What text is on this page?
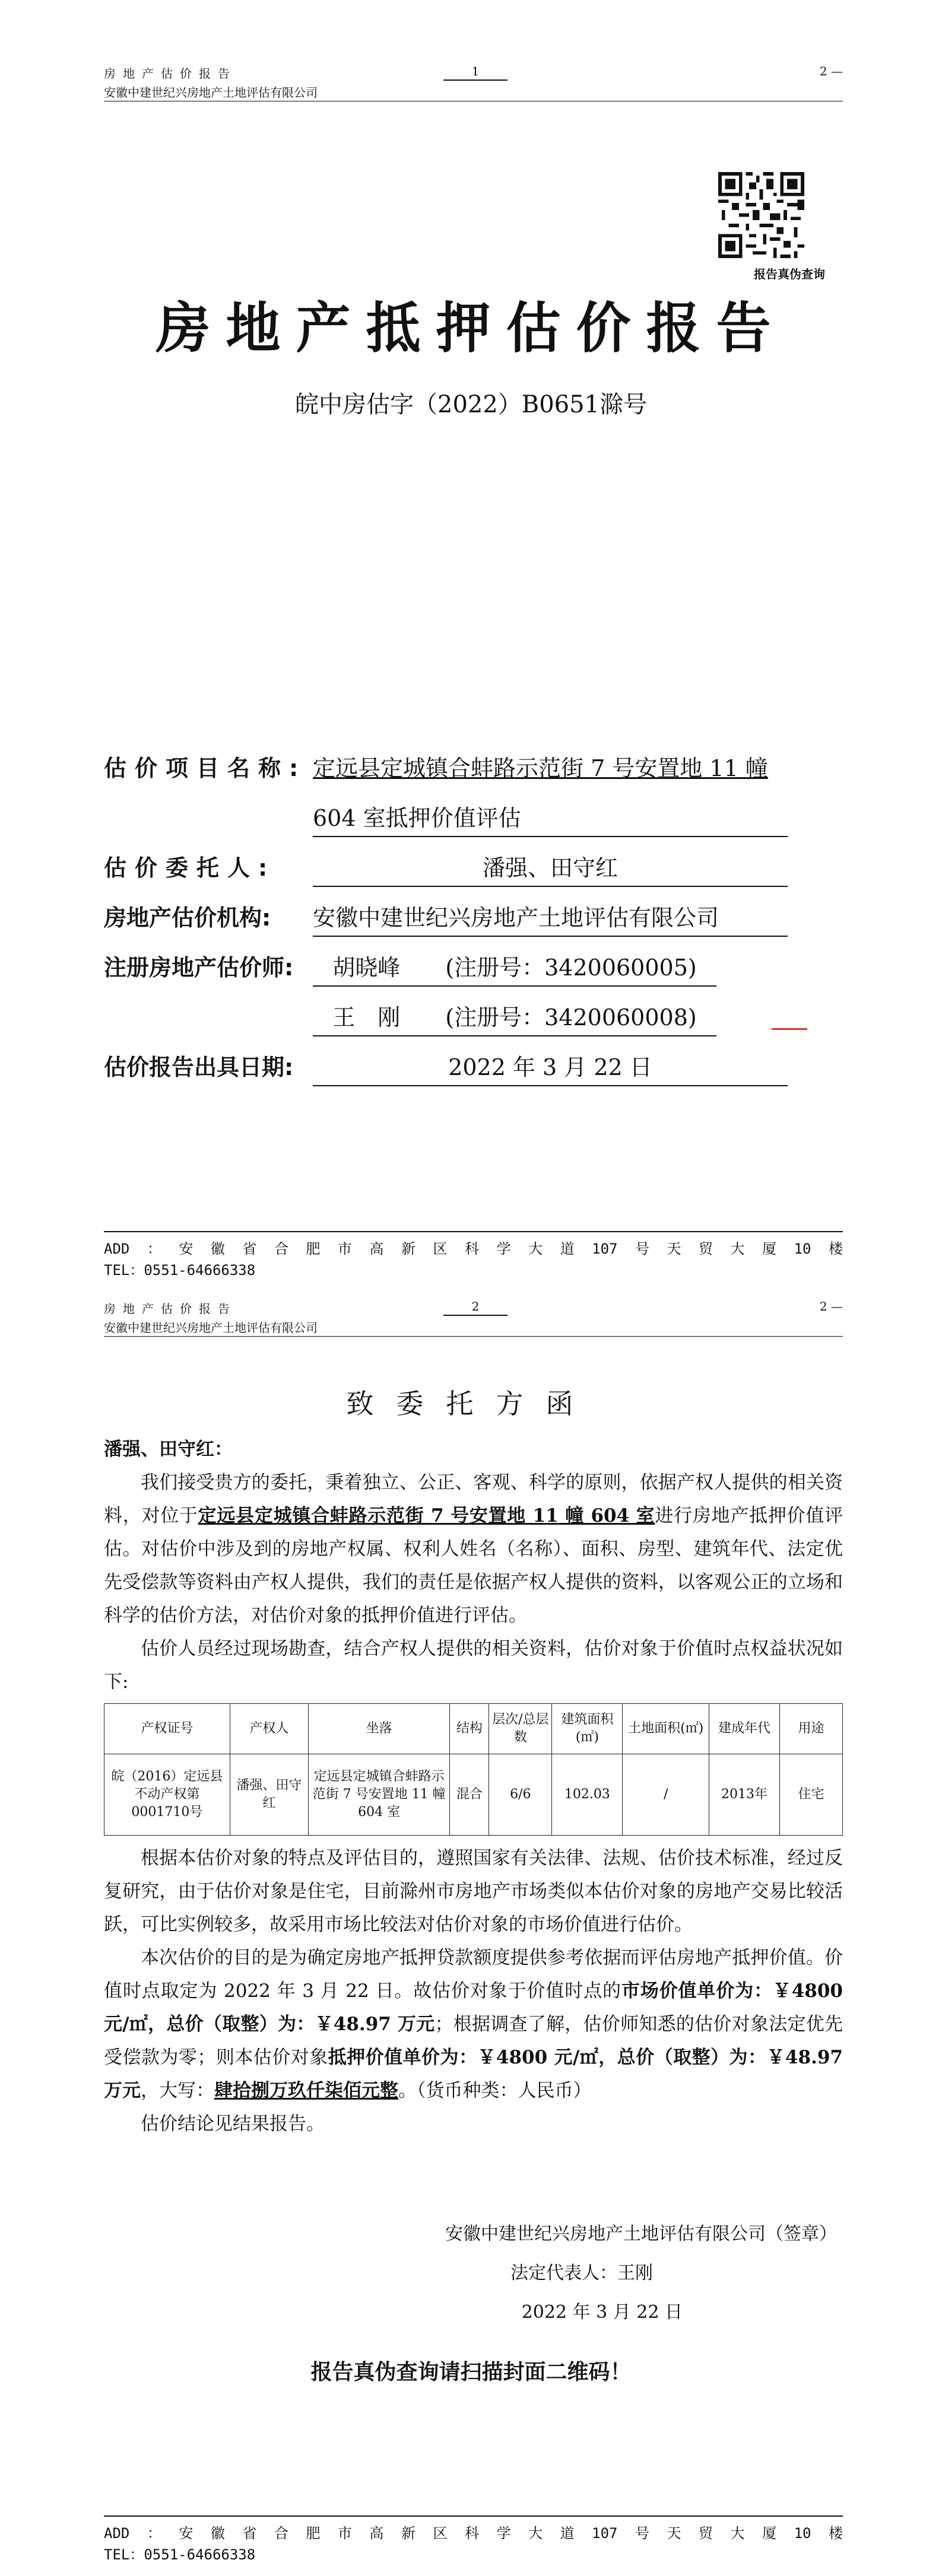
房地产估价报告
安徽中建世纪兴房地产土地评估有限公司
1	2 —
报告真伪查询
房地产抵押估价报告
皖中房估字（2022）B0651滁号
估价项目名称: 定远县定城镇合蚌路示范街 7 号安置地 11 幢
604 室抵押价值评估
估价委托人:	潘强、田守红
房地产估价机构: 安徽中建世纪兴房地产土地评估有限公司
注册房地产估价师:	胡晓峰　　(注册号：3420060005)
王　刚　　(注册号：3420060008)
估价报告出具日期:	2022 年 3 月 22 日
ADD：安徽省合肥市高新区科学大道107号天贸大厦10楼
TEL：0551-64666338
房地产估价报告
安徽中建世纪兴房地产土地评估有限公司
2	2 —
致委托方函

潘强、田守红：

我们接受贵方的委托，秉着独立、公正、客观、科学的原则，依据产权人提供的相关资料，对位于定远县定城镇合蚌路示范街 7 号安置地 11 幢 604 室进行房地产抵押价值评估。对估价中涉及到的房地产权属、权利人姓名（名称）、面积、房型、建筑年代、法定优先受偿款等资料由产权人提供，我们的责任是依据产权人提供的资料，以客观公正的立场和科学的估价方法，对估价对象的抵押价值进行评估。

估价人员经过现场勘查，结合产权人提供的相关资料，估价对象于价值时点权益状况如下:

产权证号	产权人	坐落	结构	层次/总层数	建筑面积(㎡)	土地面积(㎡)	建成年代	用途
皖（2016）定远县不动产权第0001710号	潘强、田守红	定远县定城镇合蚌路示范街 7 号安置地 11 幢 604 室	混合	6/6	102.03	/	2013年	住宅

根据本估价对象的特点及评估目的，遵照国家有关法律、法规、估价技术标准，经过反复研究，由于估价对象是住宅，目前滁州市房地产市场类似本估价对象的房地产交易比较活跃，可比实例较多，故采用市场比较法对估价对象的市场价值进行估价。

本次估价的目的是为确定房地产抵押贷款额度提供参考依据而评估房地产抵押价值。价值时点取定为 2022 年 3 月 22 日。故估价对象于价值时点的市场价值单价为：￥4800 元/㎡，总价（取整）为：￥48.97 万元；根据调查了解，估价师知悉的估价对象法定优先受偿款为零；则本估价对象抵押价值单价为：￥4800 元/㎡，总价（取整）为：￥48.97 万元，大写：肆拾捌万玖仟柒佰元整。（货币种类：人民币）

估价结论见结果报告。

安徽中建世纪兴房地产土地评估有限公司（签章）
法定代表人：王刚
2022 年 3 月 22 日
报告真伪查询请扫描封面二维码！
ADD：安徽省合肥市高新区科学大道107号天贸大厦10楼
TEL：0551-64666338
